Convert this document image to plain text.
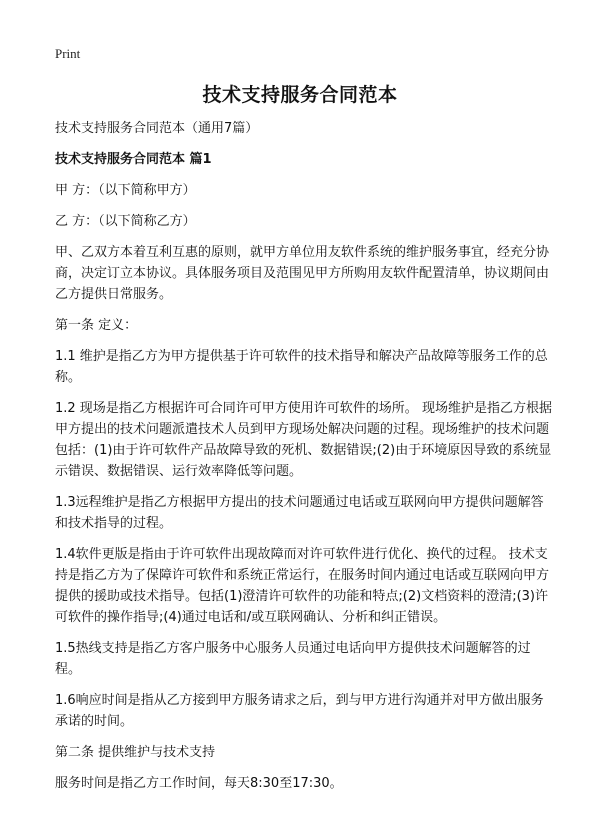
Print
技术支持服务合同范本

技术支持服务合同范本（通用7篇）

技术支持服务合同范本 篇1

甲 方：（以下简称甲方）

乙 方：（以下简称乙方）

甲、乙双方本着互利互惠的原则，就甲方单位用友软件系统的维护服务事宜，经充分协商，决定订立本协议。具体服务项目及范围见甲方所购用友软件配置清单，协议期间由乙方提供日常服务。

第一条 定义：

1.1 维护是指乙方为甲方提供基于许可软件的技术指导和解决产品故障等服务工作的总称。

1.2 现场是指乙方根据许可合同许可甲方使用许可软件的场所。 现场维护是指乙方根据甲方提出的技术问题派遣技术人员到甲方现场处解决问题的过程。现场维护的技术问题包括：(1)由于许可软件产品故障导致的死机、数据错误;(2)由于环境原因导致的系统显示错误、数据错误、运行效率降低等问题。

1.3远程维护是指乙方根据甲方提出的技术问题通过电话或互联网向甲方提供问题解答和技术指导的过程。

1.4软件更版是指由于许可软件出现故障而对许可软件进行优化、换代的过程。 技术支持是指乙方为了保障许可软件和系统正常运行，在服务时间内通过电话或互联网向甲方提供的援助或技术指导。包括(1)澄清许可软件的功能和特点;(2)文档资料的澄清;(3)许可软件的操作指导;(4)通过电话和/或互联网确认、分析和纠正错误。

1.5热线支持是指乙方客户服务中心服务人员通过电话向甲方提供技术问题解答的过程。

1.6响应时间是指从乙方接到甲方服务请求之后，到与甲方进行沟通并对甲方做出服务承诺的时间。

第二条 提供维护与技术支持

服务时间是指乙方工作时间，每天8:30至17:30。
